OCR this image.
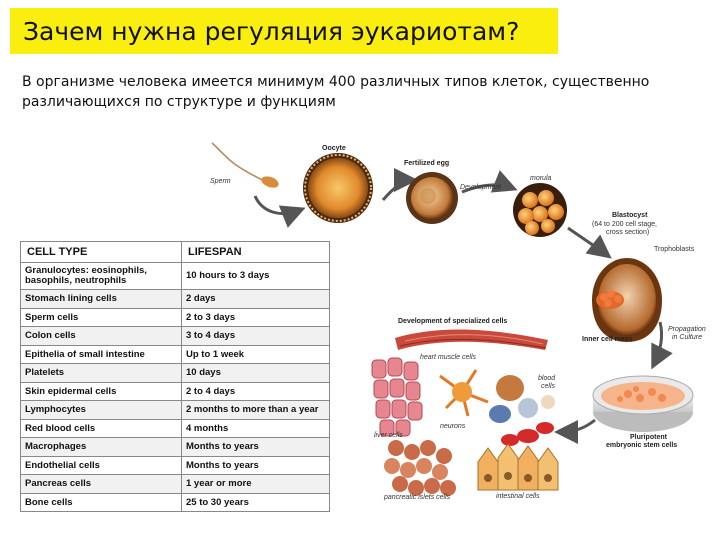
Зачем нужна регуляция эукариотам?
В организме человека имеется минимум 400 различных типов клеток, существенно различающихся по структуре и функциям
Sperm
Oocyte
Fertilized egg
Development
morula
Blastocyst
(64 to 200 cell stage,
cross section)
Trophoblasts
Inner cell mass
Propagation
in Culture
Development of specialized cells
heart muscle cells
blood
cells
neurons
liver cells
pancreatic islets cells	intestinal cells
Pluripotent
embryonic stem cells
CELL TYPE	LIFESPAN
Granulocytes: eosinophils, basophils, neutrophils	10 hours to 3 days
Stomach lining cells	2 days
Sperm cells	2 to 3 days
Colon cells	3 to 4 days
Epithelia of small intestine	Up to 1 week
Platelets	10 days
Skin epidermal cells	2 to 4 days
Lymphocytes	2 months to more than a year
Red blood cells	4 months
Macrophages	Months to years
Endothelial cells	Months to years
Pancreas cells	1 year or more
Bone cells	25 to 30 years
